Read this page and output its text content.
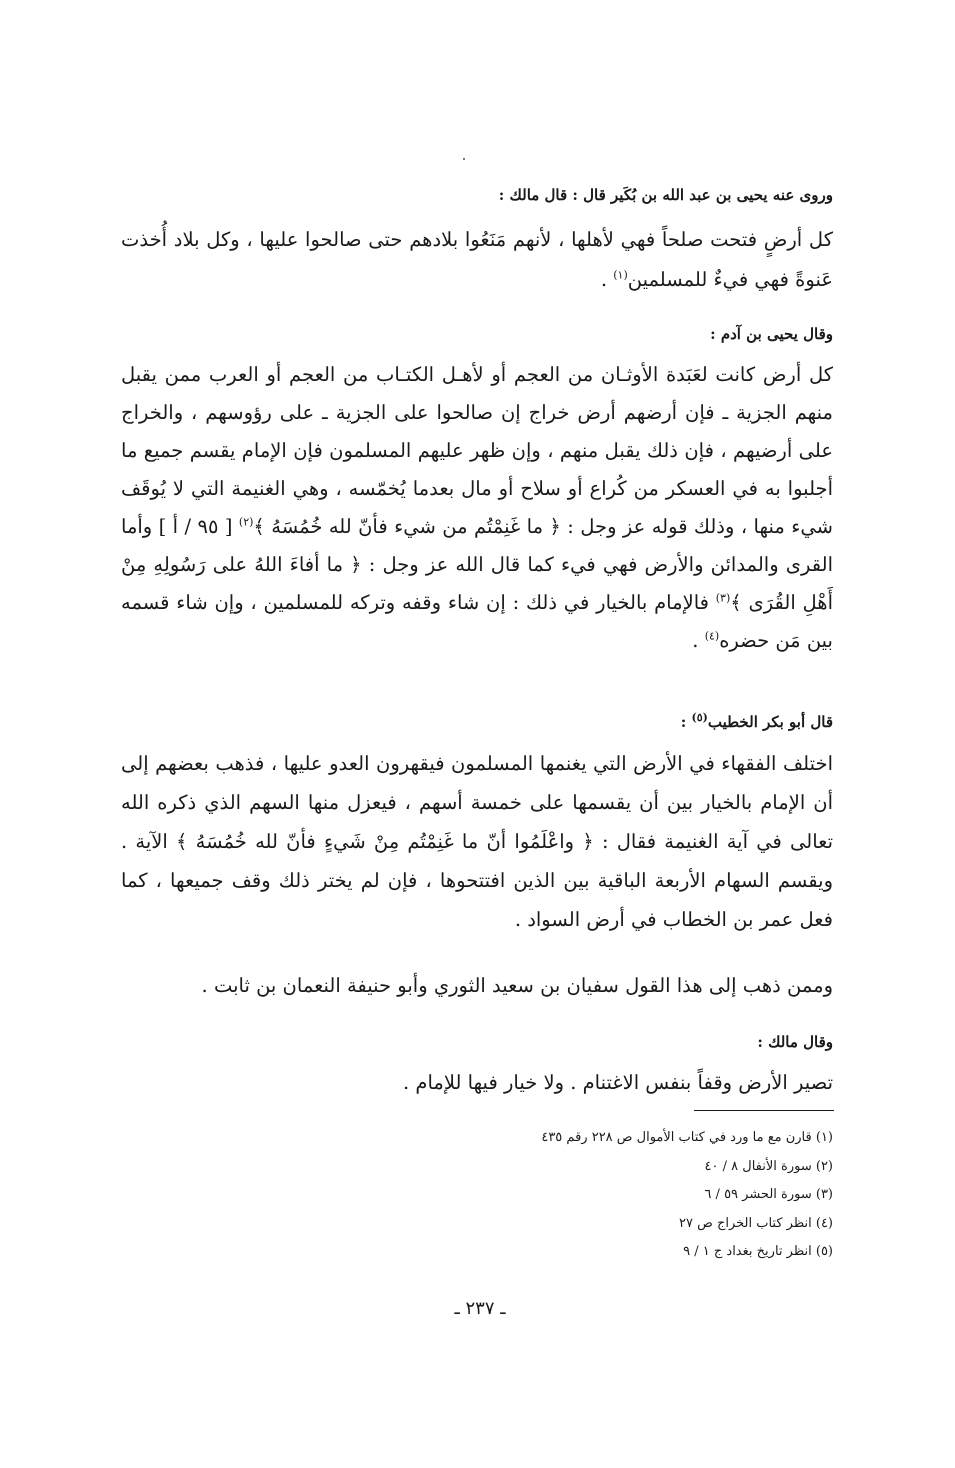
وروى عنه يحيى بن عبد الله بن بُكَير قال : قال مالك :

كل أرضٍ فتحت صلحاً فهي لأهلها ، لأنهم مَنَعُوا بلادهم حتى صالحوا عليها ، وكل بلاد أُخذت عَنوةً فهي فيءٌ للمسلمين$^{(١)}$ .

وقال يحيى بن آدم :

كل أرض كانت لعَبَدة الأوثـان من العجم أو لأهـل الكتـاب من العجم أو العرب ممن يقبل منهم الجزية ـ فإن أرضهم أرض خراج إن صالحوا على الجزية ـ على رؤوسهم ، والخراج على أرضيهم ، فإن ذلك يقبل منهم ، وإن ظهر عليهم المسلمون فإن الإمام يقسم جميع ما أجلبوا به في العسكر من كُراع أو سلاح أو مال بعدما يُخمّسه ، وهي الغنيمة التي لا يُوقَف شيء منها ، وذلك قوله عز وجل : ﴿ ما غَنِمْتُم من شيء فأنّ لله خُمُسَهُ ﴾$^{(٢)}$ [ ٩٥ / أ ] وأما القرى والمدائن والأرض فهي فيء كما قال الله عز وجل : ﴿ ما أفاءَ اللهُ على رَسُولِهِ مِنْ أَهْلِ القُرَى ﴾$^{(٣)}$ فالإمام بالخيار في ذلك : إن شاء وقفه وتركه للمسلمين ، وإن شاء قسمه بين مَن حضره$^{(٤)}$ .

قال أبو بكر الخطيب$^{(٥)}$ :

اختلف الفقهاء في الأرض التي يغنمها المسلمون فيقهرون العدو عليها ، فذهب بعضهم إلى أن الإمام بالخيار بين أن يقسمها على خمسة أسهم ، فيعزل منها السهم الذي ذكره الله تعالى في آية الغنيمة فقال : ﴿ واعْلَمُوا أنّ ما غَنِمْتُم مِنْ شَيءٍ فأنّ لله خُمُسَهُ ﴾ الآية . ويقسم السهام الأربعة الباقية بين الذين افتتحوها ، فإن لم يختر ذلك وقف جميعها ، كما فعل عمر بن الخطاب في أرض السواد .

وممن ذهب إلى هذا القول سفيان بن سعيد الثوري وأبو حنيفة النعمان بن ثابت .

وقال مالك :

تصير الأرض وقفاً بنفس الاغتنام . ولا خيار فيها للإمام .

(١) قارن مع ما ورد في كتاب الأموال ص ٢٢٨ رقم ٤٣٥
(٢) سورة الأنفال ٨ / ٤٠
(٣) سورة الحشر ٥٩ / ٦
(٤) انظر كتاب الخراج ص ٢٧
(٥) انظر تاريخ بغداد ج ١ / ٩
ـ ٢٣٧ ـ
